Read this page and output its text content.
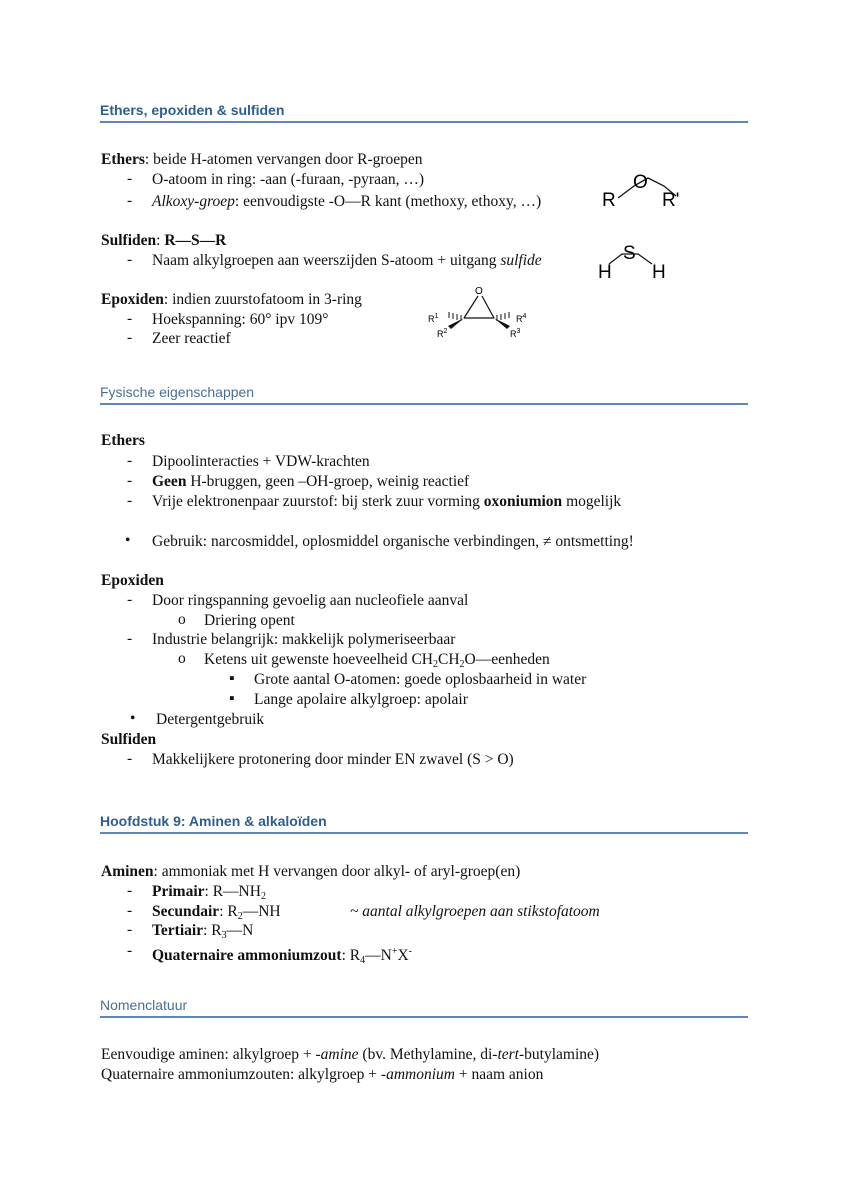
Ethers, epoxiden & sulfiden
Ethers: beide H-atomen vervangen door R-groepen
- O-atoom in ring: -aan (-furaan, -pyraan, …)
- Alkoxy-groep: eenvoudigste -O—R kant (methoxy, ethoxy, …)	R
O
R'
Sulfiden: R—S—R
- Naam alkylgroepen aan weerszijden S-atoom + uitgang sulfide	S
H H
Epoxiden: indien zuurstofatoom in 3-ring
- Hoekspanning: 60° ipv 109°
- Zeer reactief
O
$R^1$
$R^2$	$R^3$
$R^4$
Fysische eigenschappen
Ethers
- Dipoolinteracties + VDW-krachten
- Geen H-bruggen, geen –OH-groep, weinig reactief
- Vrije elektronenpaar zuurstof: bij sterk zuur vorming oxoniumion mogelijk
• Gebruik: narcosmiddel, oplosmiddel organische verbindingen, ≠ ontsmetting!
Epoxiden
- Door ringspanning gevoelig aan nucleofiele aanval
o Driering opent
- Industrie belangrijk: makkelijk polymeriseerbaar
o Ketens uit gewenste hoeveelheid $CH_2CH_2O—eenheden$
▪ Grote aantal O-atomen: goede oplosbaarheid in water
▪ Lange apolaire alkylgroep: apolair
• Detergentgebruik
Sulfiden
- Makkelijkere protonering door minder EN zwavel (S > O)
Hoofdstuk 9: Aminen & alkaloïden
Aminen: ammoniak met H vervangen door alkyl- of aryl-groep(en)
- Primair: $R—NH_2$
- Secundair: $R_2—NH$	~ aantal alkylgroepen aan stikstofatoom
- Tertiair: $R_3—N$
- Quaternaire ammoniumzout: $R_4—N^+X^-$
Nomenclatuur
Eenvoudige aminen: alkylgroep + -amine (bv. Methylamine, di-tert-butylamine)
Quaternaire ammoniumzouten: alkylgroep + -ammonium + naam anion
